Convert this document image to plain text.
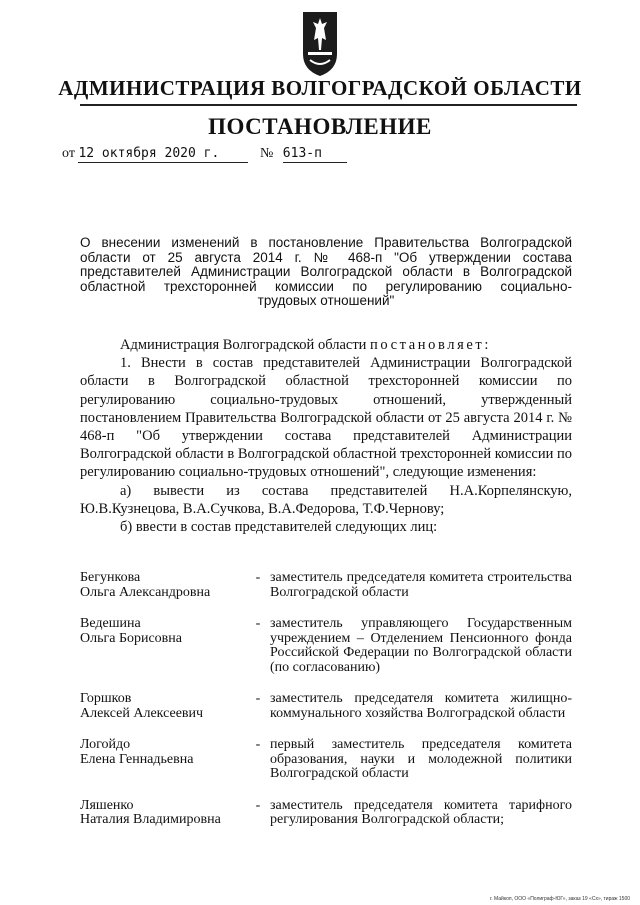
АДМИНИСТРАЦИЯ ВОЛГОГРАДСКОЙ ОБЛАСТИ
ПОСТАНОВЛЕНИЕ
от 12 октября 2020 г.	№ 613-п
О внесении изменений в постановление Правительства Волгоградской области от 25 августа 2014 г. № 468-п "Об утверждении состава представителей Администрации Волгоградской области в Волгоградской областной трехсторонней комиссии по регулированию социально-
трудовых отношений"

Администрация Волгоградской области постановляет:

1. Внести в состав представителей Администрации Волгоградской области в Волгоградской областной трехсторонней комиссии по регулированию социально-трудовых отношений, утвержденный постановлением Правительства Волгоградской области от 25 августа 2014 г. № 468-п "Об утверждении состава представителей Администрации Волгоградской области в Волгоградской областной трехсторонней комиссии по регулированию социально-трудовых отношений", следующие изменения:

а) вывести из состава представителей Н.А.Корпелянскую, Ю.В.Кузнецова, В.А.Сучкова, В.А.Федорова, Т.Ф.Чернову;

б) ввести в состав представителей следующих лиц:

Бегункова
Ольга Александровна
- заместитель председателя комитета строительства Волгоградской области
Ведешина
Ольга Борисовна
- заместитель управляющего Государственным учреждением – Отделением Пенсионного фонда Российской Федерации по Волгоградской области (по согласованию)
Горшков
Алексей Алексеевич
- заместитель председателя комитета жилищно-коммунального хозяйства Волгоградской области
Логойдо
Елена Геннадьевна
- первый заместитель председателя комитета образования, науки и молодежной политики Волгоградской области
Ляшенко
Наталия Владимировна
- заместитель председателя комитета тарифного регулирования Волгоградской области;
г. Майкоп, ООО «Полиграф-ЮГ», заказ 19 «Сх», тираж 1500
